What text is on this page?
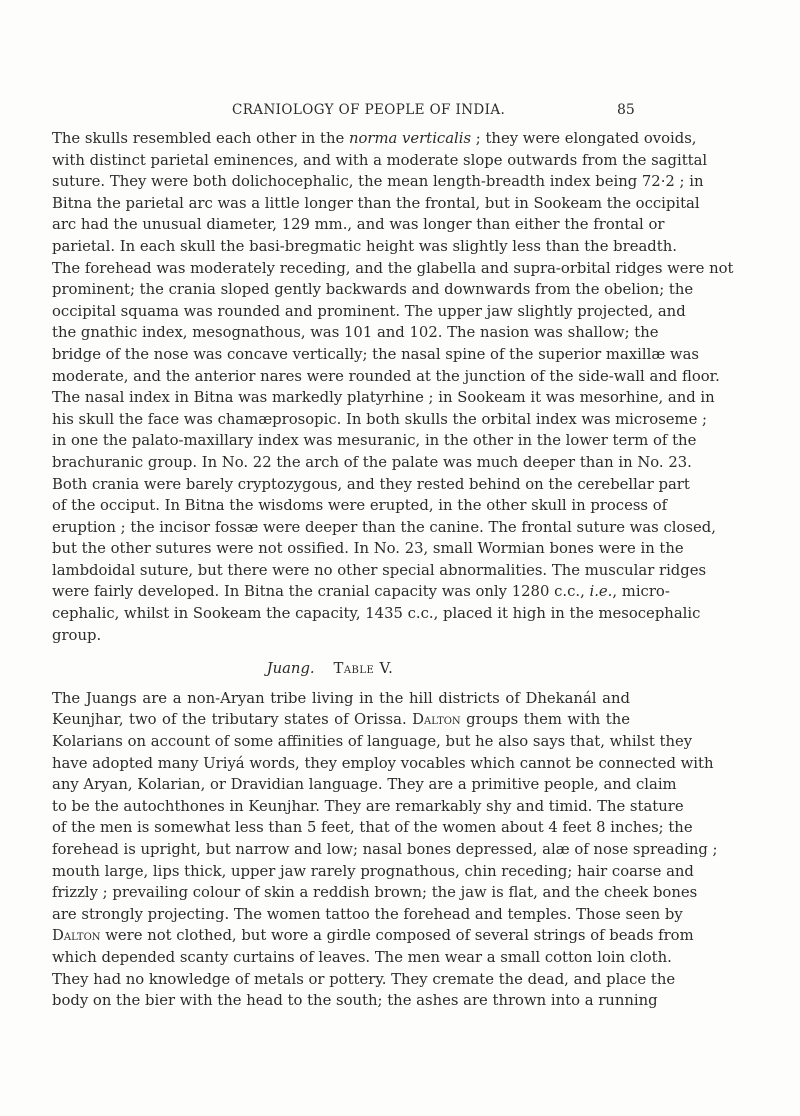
CRANIOLOGY OF PEOPLE OF INDIA.	85
The skulls resembled each other in the norma verticalis ; they were elongated ovoids,
with distinct parietal eminences, and with a moderate slope outwards from the sagittal
suture. They were both dolichocephalic, the mean length-breadth index being 72·2 ; in
Bitna the parietal arc was a little longer than the frontal, but in Sookeam the occipital
arc had the unusual diameter, 129 mm., and was longer than either the frontal or
parietal. In each skull the basi-bregmatic height was slightly less than the breadth.
The forehead was moderately receding, and the glabella and supra-orbital ridges were not
prominent; the crania sloped gently backwards and downwards from the obelion; the
occipital squama was rounded and prominent. The upper jaw slightly projected, and
the gnathic index, mesognathous, was 101 and 102. The nasion was shallow; the
bridge of the nose was concave vertically; the nasal spine of the superior maxillæ was
moderate, and the anterior nares were rounded at the junction of the side-wall and floor.
The nasal index in Bitna was markedly platyrhine ; in Sookeam it was mesorhine, and in
his skull the face was chamæprosopic. In both skulls the orbital index was microseme ;
in one the palato-maxillary index was mesuranic, in the other in the lower term of the
brachuranic group. In No. 22 the arch of the palate was much deeper than in No. 23.
Both crania were barely cryptozygous, and they rested behind on the cerebellar part
of the occiput. In Bitna the wisdoms were erupted, in the other skull in process of
eruption ; the incisor fossæ were deeper than the canine. The frontal suture was closed,
but the other sutures were not ossified. In No. 23, small Wormian bones were in the
lambdoidal suture, but there were no other special abnormalities. The muscular ridges
were fairly developed. In Bitna the cranial capacity was only 1280 c.c., i.e., micro-
cephalic, whilst in Sookeam the capacity, 1435 c.c., placed it high in the mesocephalic
group.
Juang. Table V.
The Juangs are a non-Aryan tribe living in the hill districts of Dhekanál and
Keunjhar, two of the tributary states of Orissa. Dalton groups them with the
Kolarians on account of some affinities of language, but he also says that, whilst they
have adopted many Uriyá words, they employ vocables which cannot be connected with
any Aryan, Kolarian, or Dravidian language. They are a primitive people, and claim
to be the autochthones in Keunjhar. They are remarkably shy and timid. The stature
of the men is somewhat less than 5 feet, that of the women about 4 feet 8 inches; the
forehead is upright, but narrow and low; nasal bones depressed, alæ of nose spreading ;
mouth large, lips thick, upper jaw rarely prognathous, chin receding; hair coarse and
frizzly ; prevailing colour of skin a reddish brown; the jaw is flat, and the cheek bones
are strongly projecting. The women tattoo the forehead and temples. Those seen by
Dalton were not clothed, but wore a girdle composed of several strings of beads from
which depended scanty curtains of leaves. The men wear a small cotton loin cloth.
They had no knowledge of metals or pottery. They cremate the dead, and place the
body on the bier with the head to the south; the ashes are thrown into a running
